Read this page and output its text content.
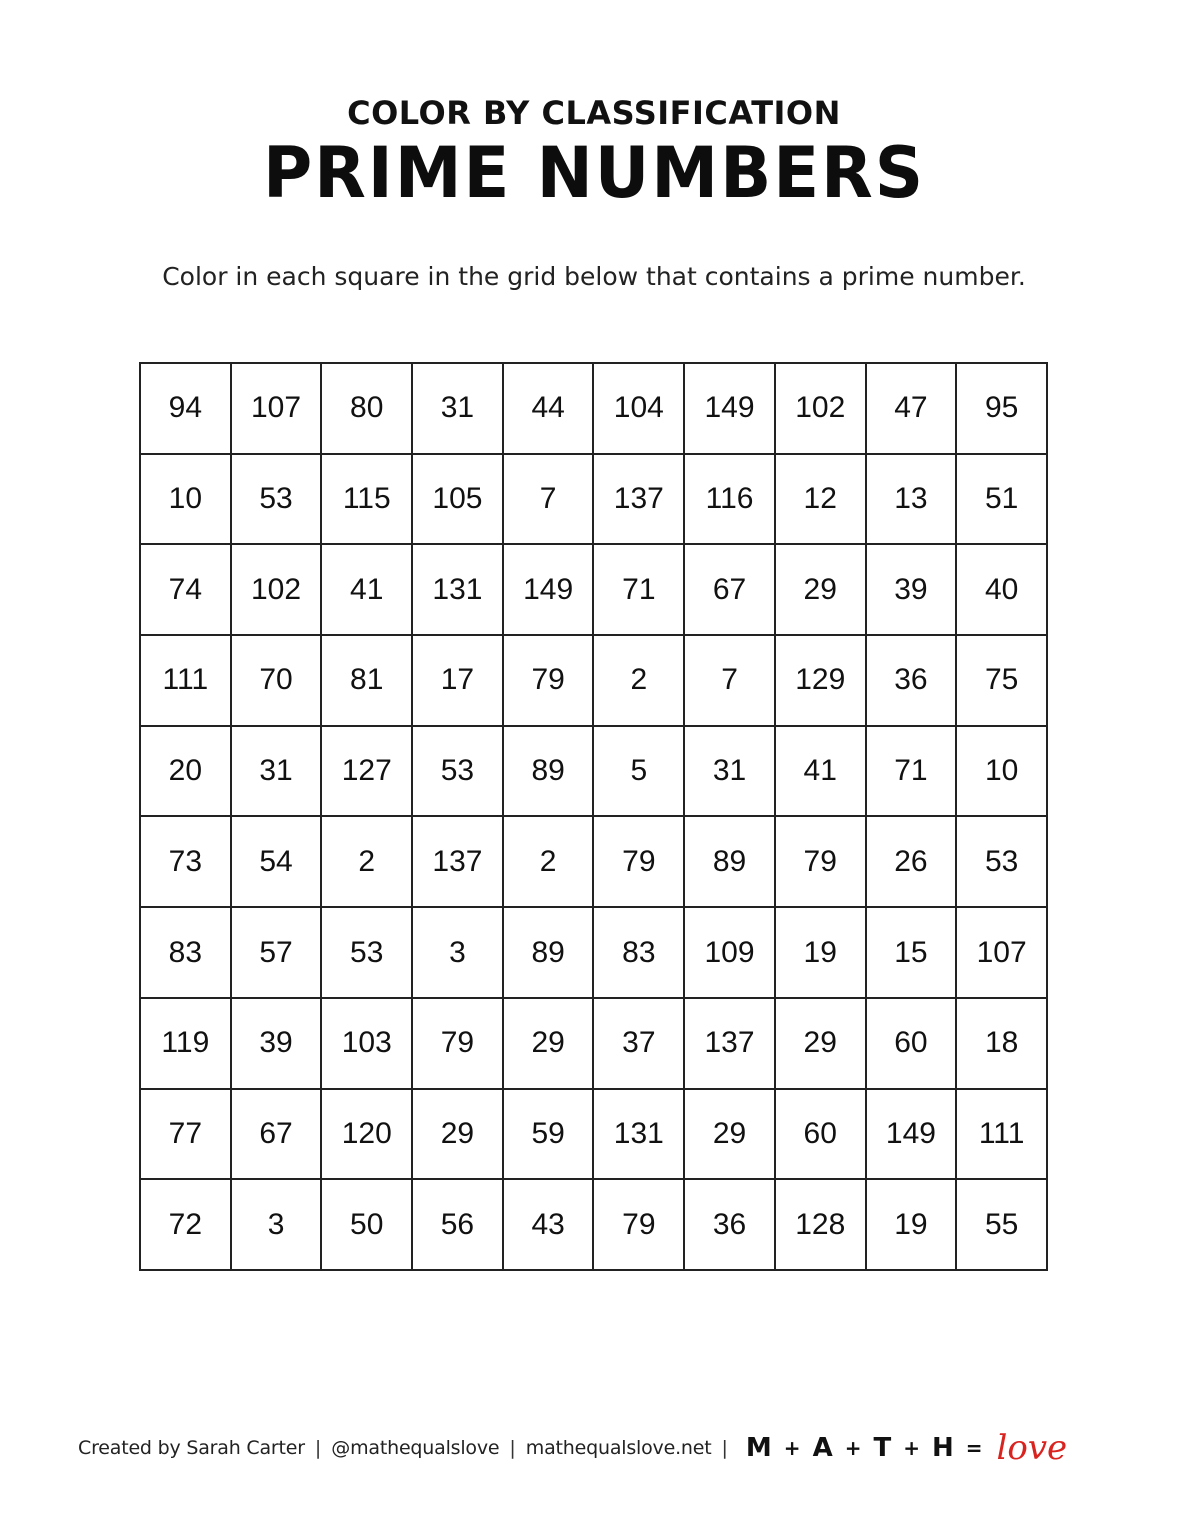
COLOR BY CLASSIFICATION
PRIME NUMBERS
Color in each square in the grid below that contains a prime number.
94	107	80	31	44	104	149	102	47	95
10	53	115	105	7	137	116	12	13	51
74	102	41	131	149	71	67	29	39	40
111	70	81	17	79	2	7	129	36	75
20	31	127	53	89	5	31	41	71	10
73	54	2	137	2	79	89	79	26	53
83	57	53	3	89	83	109	19	15	107
119	39	103	79	29	37	137	29	60	18
77	67	120	29	59	131	29	60	149	111
72	3	50	56	43	79	36	128	19	55
Created by Sarah Carter | @mathequalslove | mathequalslove.net | M + A + T + H = love
